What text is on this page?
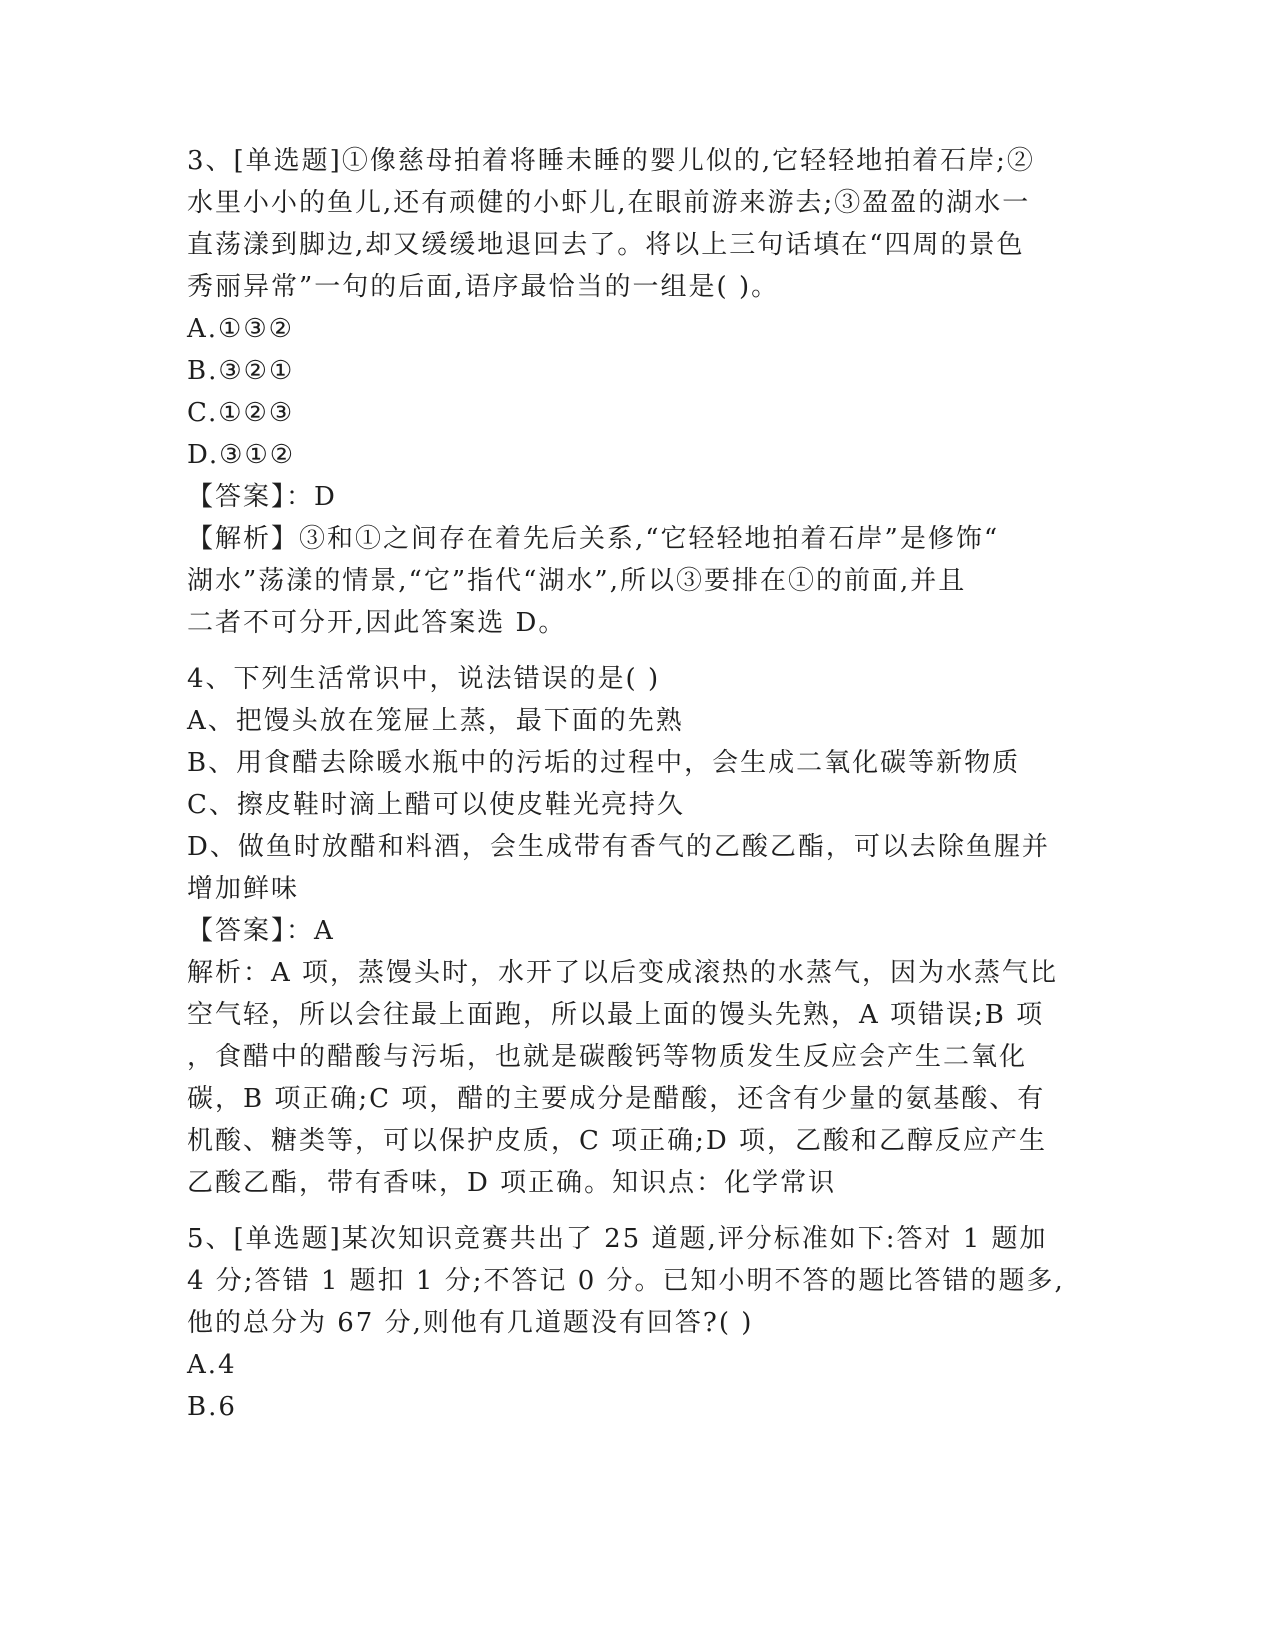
3、[单选题]①像慈母拍着将睡未睡的婴儿似的,它轻轻地拍着石岸;②
水里小小的鱼儿,还有顽健的小虾儿,在眼前游来游去;③盈盈的湖水一
直荡漾到脚边,却又缓缓地退回去了。将以上三句话填在“四周的景色
秀丽异常”一句的后面,语序最恰当的一组是( )。
A.①③②
B.③②①
C.①②③
D.③①②
【答案】：D
【解析】③和①之间存在着先后关系,“它轻轻地拍着石岸”是修饰“
湖水”荡漾的情景,“它”指代“湖水”,所以③要排在①的前面,并且
二者不可分开,因此答案选 D。
4、下列生活常识中，说法错误的是( )
A、把馒头放在笼屉上蒸，最下面的先熟
B、用食醋去除暖水瓶中的污垢的过程中，会生成二氧化碳等新物质
C、擦皮鞋时滴上醋可以使皮鞋光亮持久
D、做鱼时放醋和料酒，会生成带有香气的乙酸乙酯，可以去除鱼腥并
增加鲜味
【答案】：A
解析：A 项，蒸馒头时，水开了以后变成滚热的水蒸气，因为水蒸气比
空气轻，所以会往最上面跑，所以最上面的馒头先熟，A 项错误;B 项
，食醋中的醋酸与污垢，也就是碳酸钙等物质发生反应会产生二氧化
碳，B 项正确;C 项，醋的主要成分是醋酸，还含有少量的氨基酸、有
机酸、糖类等，可以保护皮质，C 项正确;D 项，乙酸和乙醇反应产生
乙酸乙酯，带有香味，D 项正确。知识点：化学常识
5、[单选题]某次知识竞赛共出了 25 道题,评分标准如下:答对 1 题加
4 分;答错 1 题扣 1 分;不答记 0 分。已知小明不答的题比答错的题多,
他的总分为 67 分,则他有几道题没有回答?( )
A.4
B.6
